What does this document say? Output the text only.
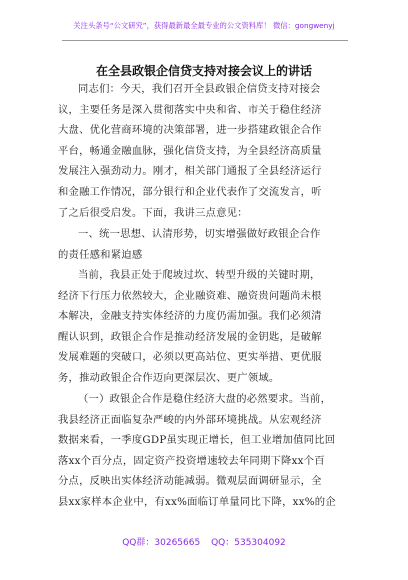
关注头条号“公文研究”，获得最新最全最专业的公文资料库！ 微信：gongwenyj
在全县政银企信贷支持对接会议上的讲话
同志们：今天，我们召开全县政银企信贷支持对接会
议，主要任务是深入贯彻落实中央和省、市关于稳住经济
大盘、优化营商环境的决策部署，进一步搭建政银企合作
平台，畅通金融血脉，强化信贷支持，为全县经济高质量
发展注入强劲动力。刚才，相关部门通报了全县经济运行
和金融工作情况，部分银行和企业代表作了交流发言，听
了之后很受启发。下面，我讲三点意见：
一、统一思想、认清形势，切实增强做好政银企合作
的责任感和紧迫感
当前，我县正处于爬坡过坎、转型升级的关键时期，
经济下行压力依然较大，企业融资难、融资贵问题尚未根
本解决，金融支持实体经济的力度仍需加强。我们必须清
醒认识到，政银企合作是推动经济发展的金钥匙，是破解
发展难题的突破口，必须以更高站位、更实举措、更优服
务，推动政银企合作迈向更深层次、更广领域。
（一）政银企合作是稳住经济大盘的必然要求。当前，
我县经济正面临复杂严峻的内外部环境挑战。从宏观经济
数据来看，一季度GDP虽实现正增长，但工业增加值同比回
落xx个百分点，固定资产投资增速较去年同期下降xx个百
分点，反映出实体经济动能减弱。微观层面调研显示，全
县xx家样本企业中，有xx%面临订单量同比下降，xx%的企
QQ群：30265665 QQ：535304092
